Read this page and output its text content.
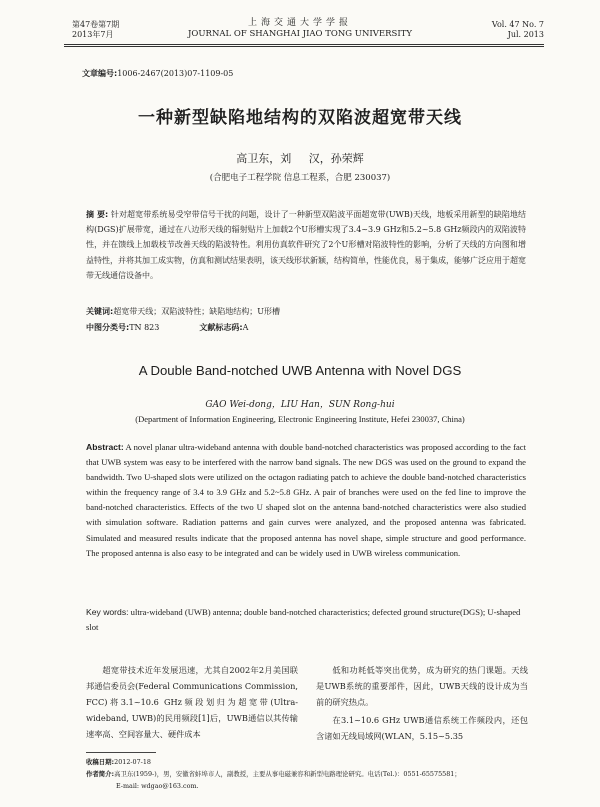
第47卷第7期
2013年7月
上海交通大学学报
JOURNAL OF SHANGHAI JIAO TONG UNIVERSITY
Vol. 47 No. 7
Jul. 2013
文章编号:1006-2467(2013)07-1109-05
一种新型缺陷地结构的双陷波超宽带天线
高卫东，刘 汉，孙荣辉
(合肥电子工程学院 信息工程系，合肥 230037)
摘 要: 针对超宽带系统易受窄带信号干扰的问题，设计了一种新型双陷波平面超宽带(UWB)天线，地板采用新型的缺陷地结构(DGS)扩展带宽，通过在八边形天线的辐射贴片上加载2个U形槽实现了3.4~3.9 GHz和5.2~5.8 GHz频段内的双陷波特性，并在馈线上加载枝节改善天线的陷波特性。利用仿真软件研究了2个U形槽对陷波特性的影响，分析了天线的方向图和增益特性，并将其加工成实物，仿真和测试结果表明，该天线形状新颖，结构简单，性能优良，易于集成，能够广泛应用于超宽带无线通信设备中。
关键词:超宽带天线；双陷波特性；缺陷地结构；U形槽
中图分类号:TN 823	文献标志码:A
A Double Band-notched UWB Antenna with Novel DGS
GAO Wei-dong，LIU Han，SUN Rong-hui
(Department of Information Engineering, Electronic Engineering Institute, Hefei 230037, China)
Abstract: A novel planar ultra-wideband antenna with double band-notched characteristics was proposed according to the fact that UWB system was easy to be interfered with the narrow band signals. The new DGS was used on the ground to expand the bandwidth. Two U-shaped slots were utilized on the octagon radiating patch to achieve the double band-notched characteristics within the frequency range of 3.4 to 3.9 GHz and 5.2~5.8 GHz. A pair of branches were used on the fed line to improve the band-notched characteristics. Effects of the two U shaped slot on the antenna band-notched characteristics were also studied with simulation software. Radiation patterns and gain curves were analyzed, and the proposed antenna was fabricated. Simulated and measured results indicate that the proposed antenna has novel shape, simple structure and good performance. The proposed antenna is also easy to be integrated and can be widely used in UWB wireless communication.
Key words: ultra-wideband (UWB) antenna; double band-notched characteristics; defected ground structure(DGS); U-shaped slot
超宽带技术近年发展迅速，尤其自2002年2月美国联邦通信委员会(Federal Communications Commission, FCC)将3.1~10.6 GHz频段划归为超宽带(Ultra-wideband, UWB)的民用频段[1]后，UWB通信以其传输速率高、空间容量大、硬件成本

低和功耗低等突出优势，成为研究的热门课题。天线是UWB系统的重要部件，因此，UWB天线的设计成为当前的研究热点。

在3.1~10.6 GHz UWB通信系统工作频段内，还包含诸如无线局域网(WLAN，5.15~5.35

收稿日期:2012-07-18
作者简介:高卫东(1959-)，男，安徽省蚌埠市人，副教授，主要从事电磁兼容和新型电路理论研究。电话(Tel.)：0551-65575581；
E-mail: wdgao@163.com.
